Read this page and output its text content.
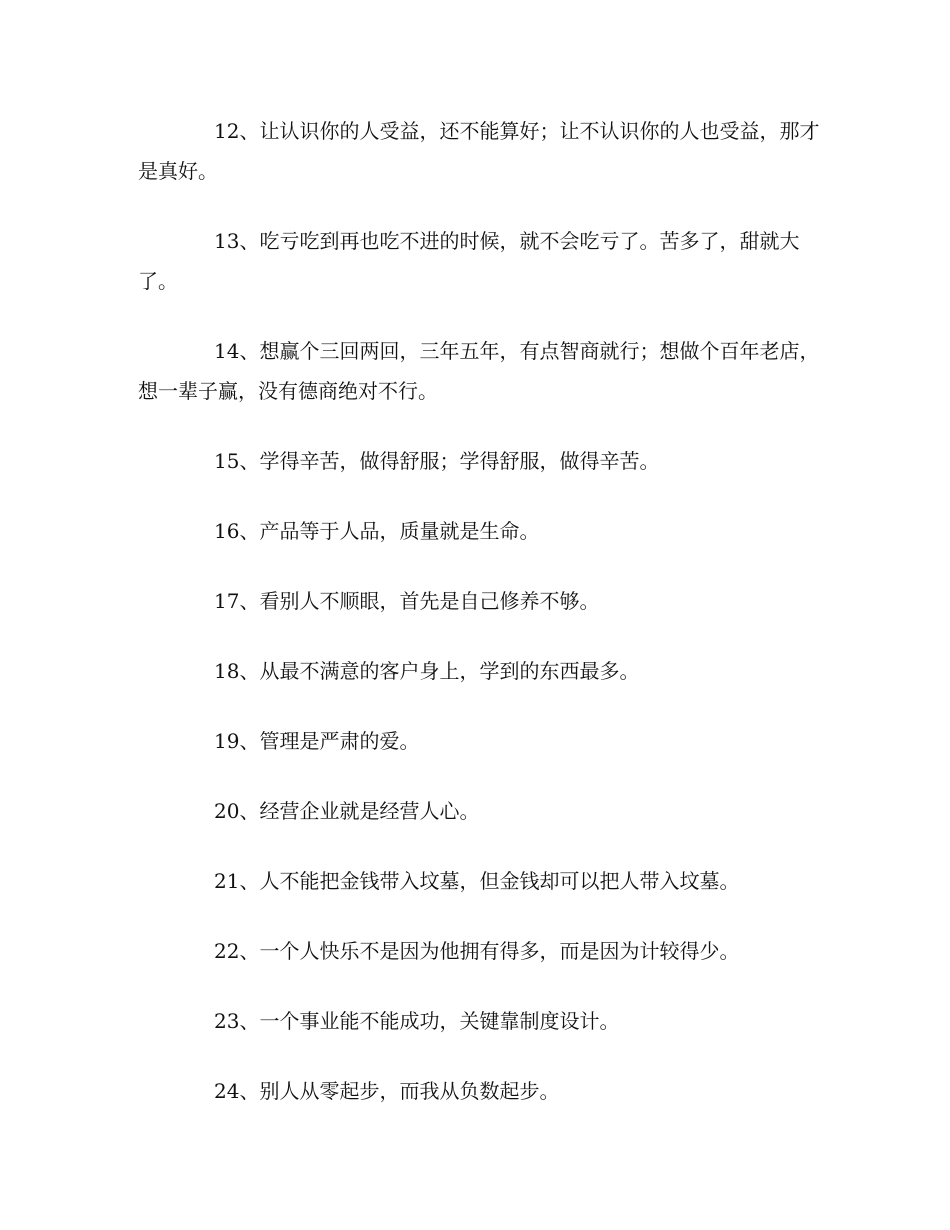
12、让认识你的人受益，还不能算好；让不认识你的人也受益，那才是真好。

13、吃亏吃到再也吃不进的时候，就不会吃亏了。苦多了，甜就大了。

14、想赢个三回两回，三年五年，有点智商就行；想做个百年老店，想一辈子赢，没有德商绝对不行。

15、学得辛苦，做得舒服；学得舒服，做得辛苦。

16、产品等于人品，质量就是生命。

17、看别人不顺眼，首先是自己修养不够。

18、从最不满意的客户身上，学到的东西最多。

19、管理是严肃的爱。

20、经营企业就是经营人心。

21、人不能把金钱带入坟墓，但金钱却可以把人带入坟墓。

22、一个人快乐不是因为他拥有得多，而是因为计较得少。

23、一个事业能不能成功，关键靠制度设计。

24、别人从零起步，而我从负数起步。
